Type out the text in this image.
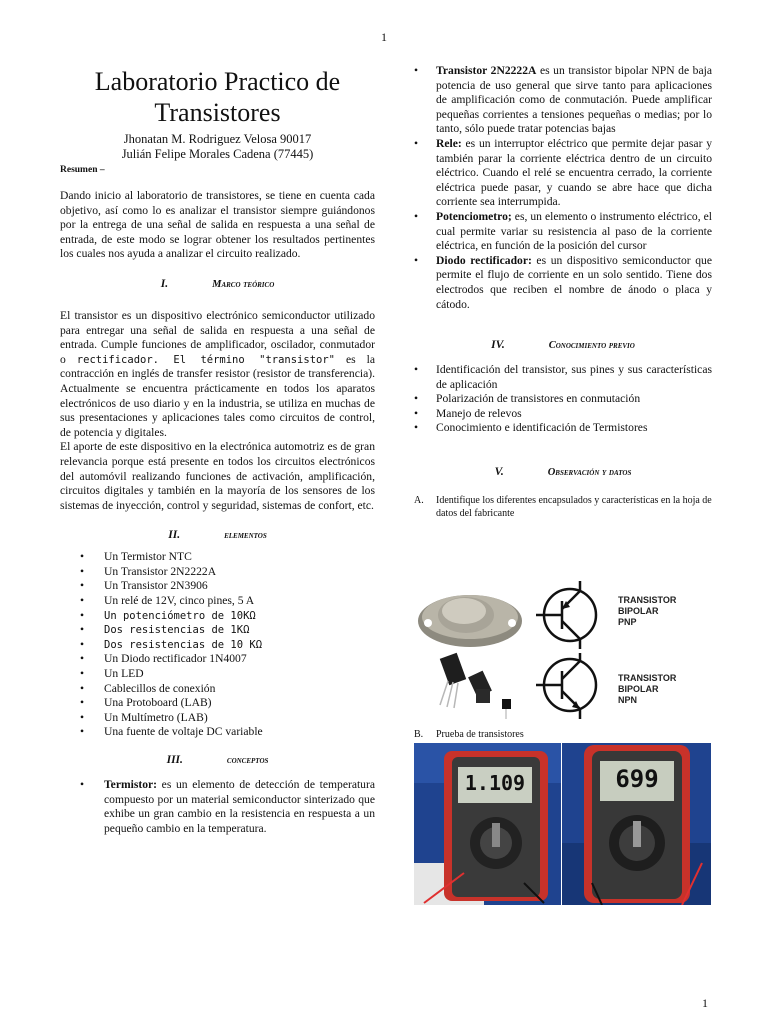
1
1
Laboratorio Practico de
Transistores
Jhonatan M. Rodriguez Velosa 90017
Julián Felipe Morales Cadena (77445)
Resumen –

Dando inicio al laboratorio de transistores, se tiene en cuenta cada objetivo, así como lo es analizar el transistor siempre guiándonos por la entrega de una señal de salida en respuesta a una señal de entrada, de este modo se lograr obtener los resultados pertinentes los cuales nos ayuda a analizar el circuito realizado.

I.	Marco teórico

El transistor es un dispositivo electrónico semiconductor utilizado para entregar una señal de salida en respuesta a una señal de entrada. Cumple funciones de amplificador, oscilador, conmutador o rectificador. El término "transistor" es la contracción en inglés de transfer resistor (resistor de transferencia). Actualmente se encuentra prácticamente en todos los aparatos electrónicos de uso diario y en la industria, se utiliza en muchas de sus presentaciones y aplicaciones tales como circuitos de control, de potencia y digitales.

El aporte de este dispositivo en la electrónica automotriz es de gran relevancia porque está presente en todos los circuitos electrónicos del automóvil realizando funciones de activación, amplificación, circuitos digitales y también en la mayoría de los sensores de los sistemas de inyección, control y seguridad, sistemas de confort, etc.

II.	elementos
• Un Termistor NTC
• Un Transistor 2N2222A
• Un Transistor 2N3906
• Un relé de 12V, cinco pines, 5 A
• Un potenciómetro de 10KΩ
• Dos resistencias de 1KΩ
• Dos resistencias de 10 KΩ
• Un Diodo rectificador 1N4007
• Un LED
• Cablecillos de conexión
• Una Protoboard (LAB)
• Un Multímetro (LAB)
• Una fuente de voltaje DC variable
III.	conceptos
• Termistor: es un elemento de detección de temperatura compuesto por un material semiconductor sinterizado que exhibe un gran cambio en la resistencia en respuesta a un pequeño cambio en la temperatura.
• Transistor 2N2222A es un transistor bipolar NPN de baja potencia de uso general que sirve tanto para aplicaciones de amplificación como de conmutación. Puede amplificar pequeñas corrientes a tensiones pequeñas o medias; por lo tanto, sólo puede tratar potencias bajas
• Rele: es un interruptor eléctrico que permite dejar pasar y también parar la corriente eléctrica dentro de un circuito eléctrico. Cuando el relé se encuentra cerrado, la corriente eléctrica puede pasar, y cuando se abre hace que dicha corriente sea interrumpida.
• Potenciometro; es, un elemento o instrumento eléctrico, el cual permite variar su resistencia al paso de la corriente eléctrica, en función de la posición del cursor
• Diodo rectificador: es un dispositivo semiconductor que permite el flujo de corriente en un solo sentido. Tiene dos electrodos que reciben el nombre de ánodo o placa y cátodo.
IV.	Conocimiento previo
• Identificación del transistor, sus pines y sus características de aplicación
• Polarización de transistores en conmutación
• Manejo de relevos
• Conocimiento e identificación de Termistores
V.	Observación y datos
A.	Identifique los diferentes encapsulados y características en la hoja de datos del fabricante
TRANSISTOR
BIPOLAR
PNP
TRANSISTOR
BIPOLAR
NPN
B.	Prueba de transistores
1.109	699
